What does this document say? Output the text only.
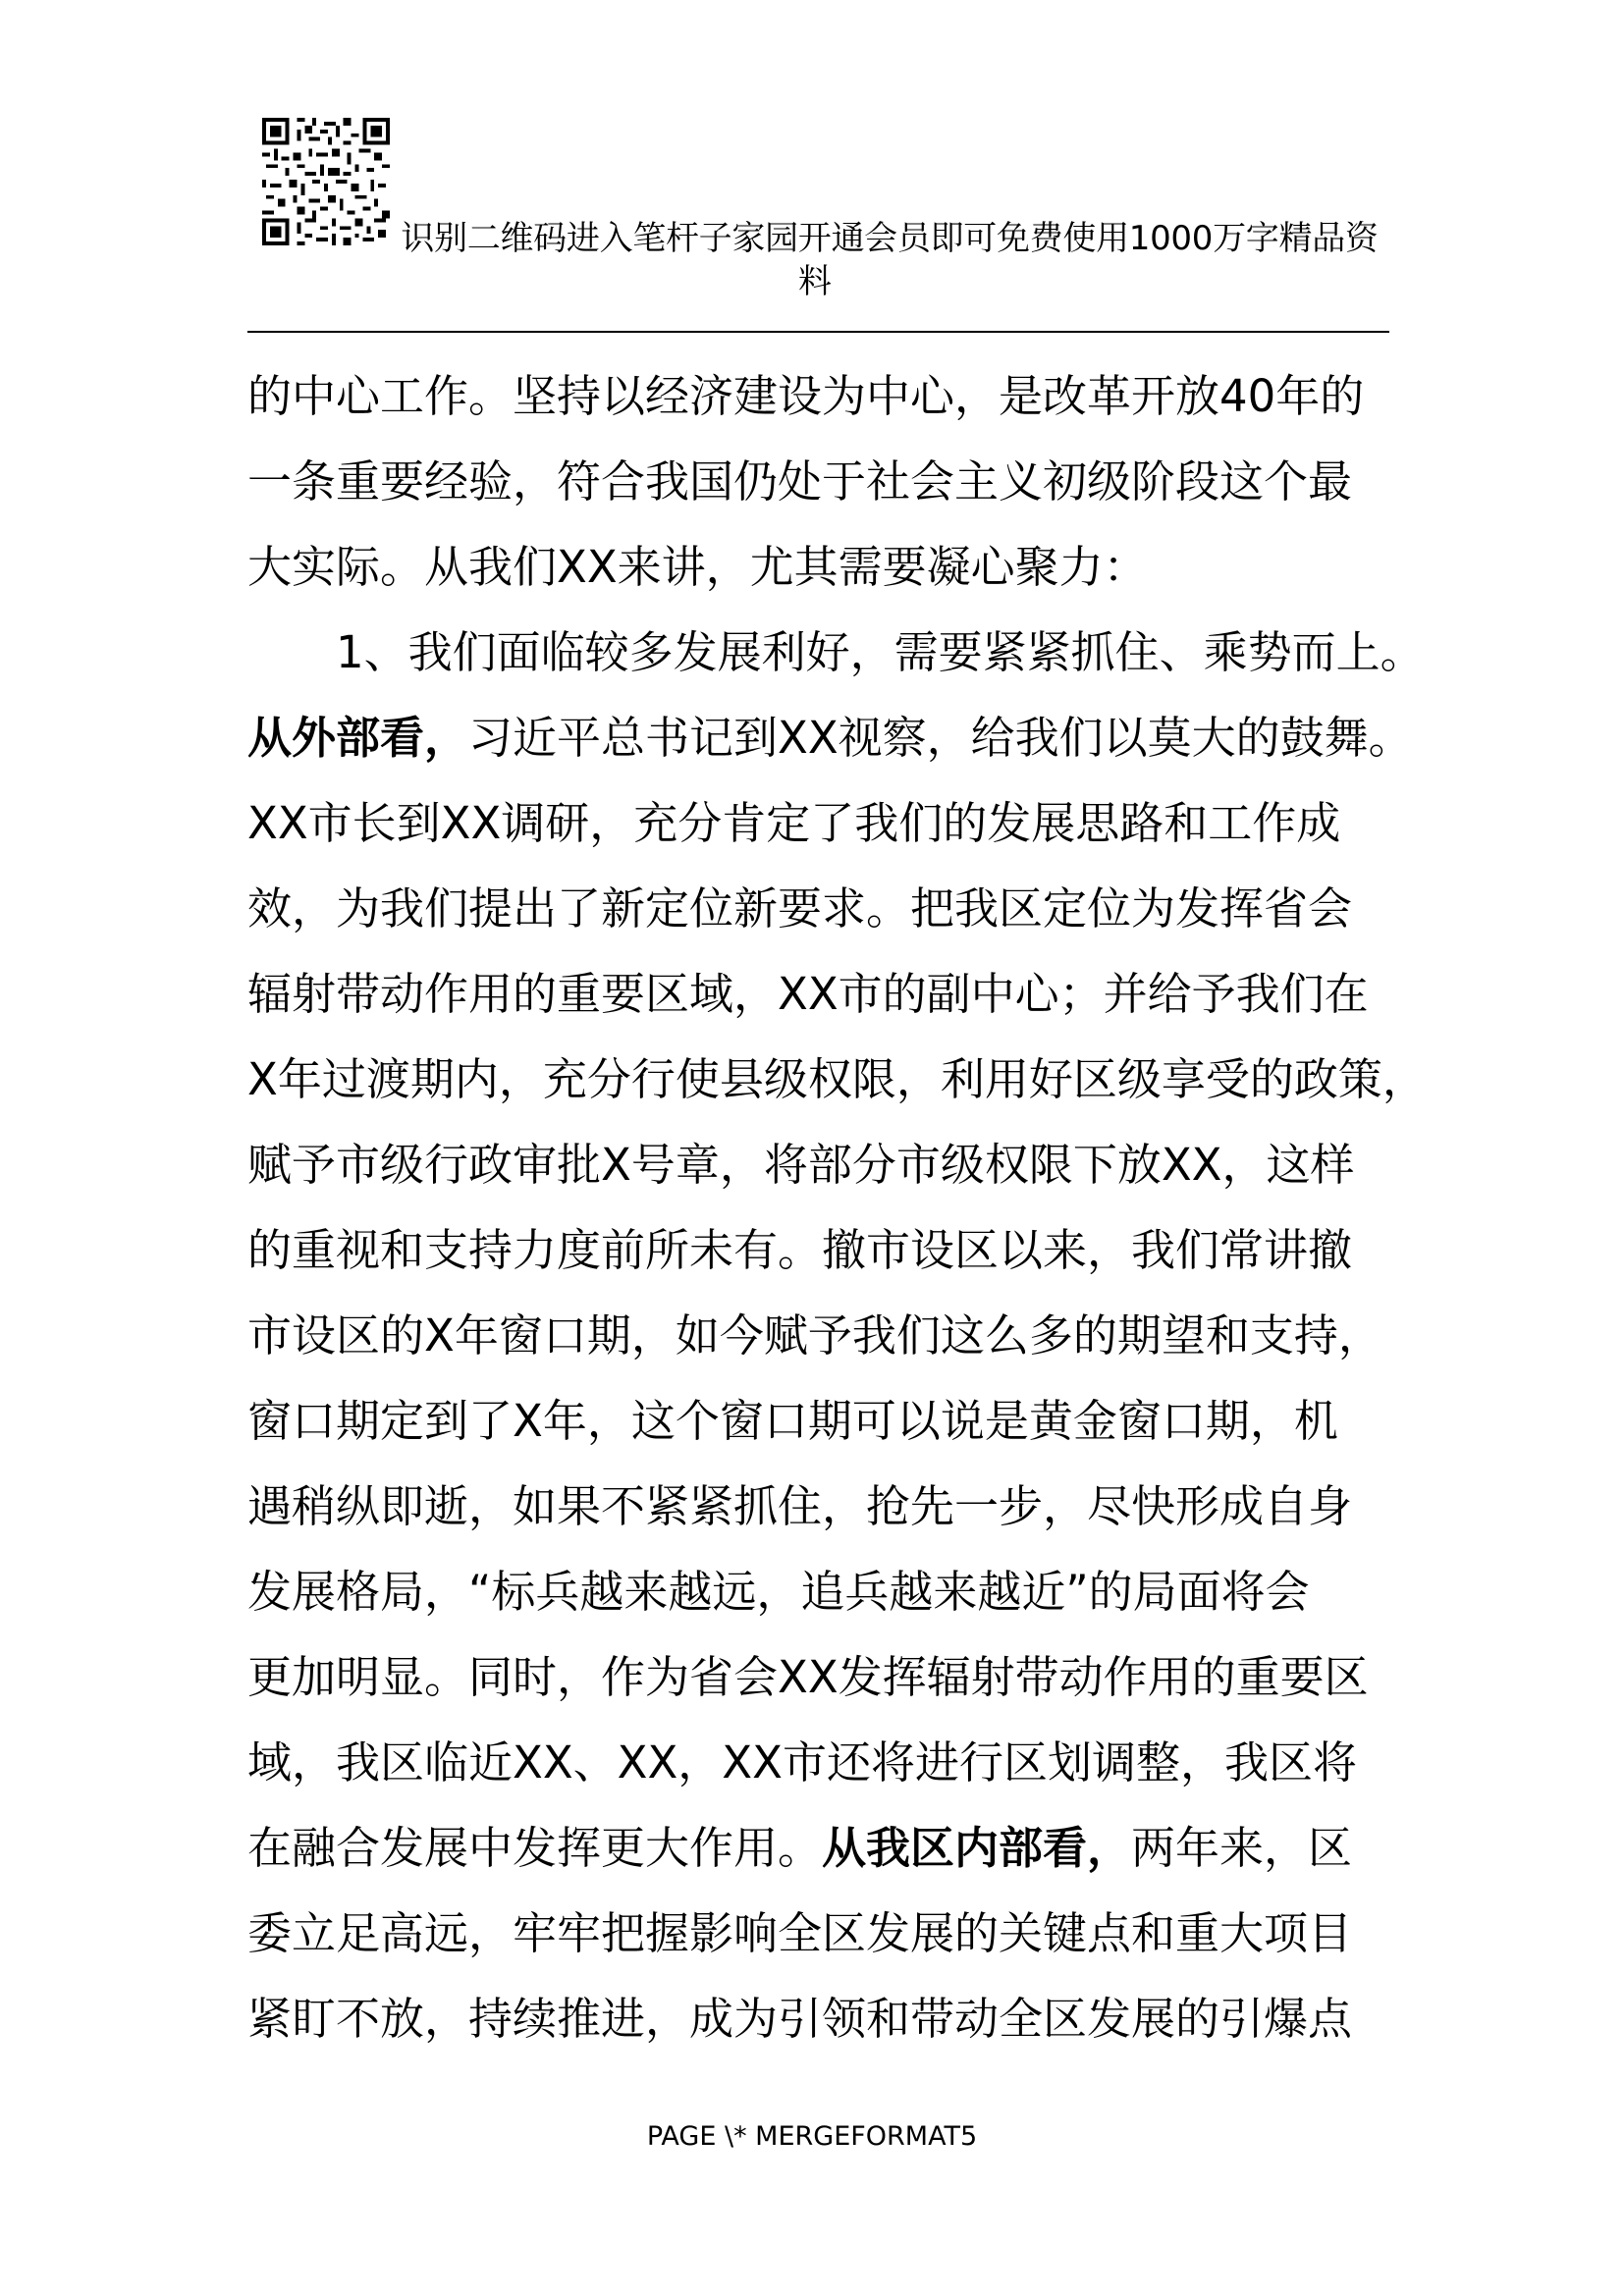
识别二维码进入笔杆子家园开通会员即可免费使用1000万字精品资
料
的中心工作。坚持以经济建设为中心，是改革开放40年的
一条重要经验，符合我国仍处于社会主义初级阶段这个最
大实际。从我们XX来讲，尤其需要凝心聚力：
1、我们面临较多发展利好，需要紧紧抓住、乘势而上。
从外部看，习近平总书记到XX视察，给我们以莫大的鼓舞。
XX市长到XX调研，充分肯定了我们的发展思路和工作成
效，为我们提出了新定位新要求。把我区定位为发挥省会
辐射带动作用的重要区域，XX市的副中心；并给予我们在
X年过渡期内，充分行使县级权限，利用好区级享受的政策，
赋予市级行政审批X号章，将部分市级权限下放XX，这样
的重视和支持力度前所未有。撤市设区以来，我们常讲撤
市设区的X年窗口期，如今赋予我们这么多的期望和支持，
窗口期定到了X年，这个窗口期可以说是黄金窗口期，机
遇稍纵即逝，如果不紧紧抓住，抢先一步，尽快形成自身
发展格局，“标兵越来越远，追兵越来越近”的局面将会
更加明显。同时，作为省会XX发挥辐射带动作用的重要区
域，我区临近XX、XX，XX市还将进行区划调整，我区将
在融合发展中发挥更大作用。从我区内部看，两年来，区
委立足高远，牢牢把握影响全区发展的关键点和重大项目
紧盯不放，持续推进，成为引领和带动全区发展的引爆点
PAGE \* MERGEFORMAT5
